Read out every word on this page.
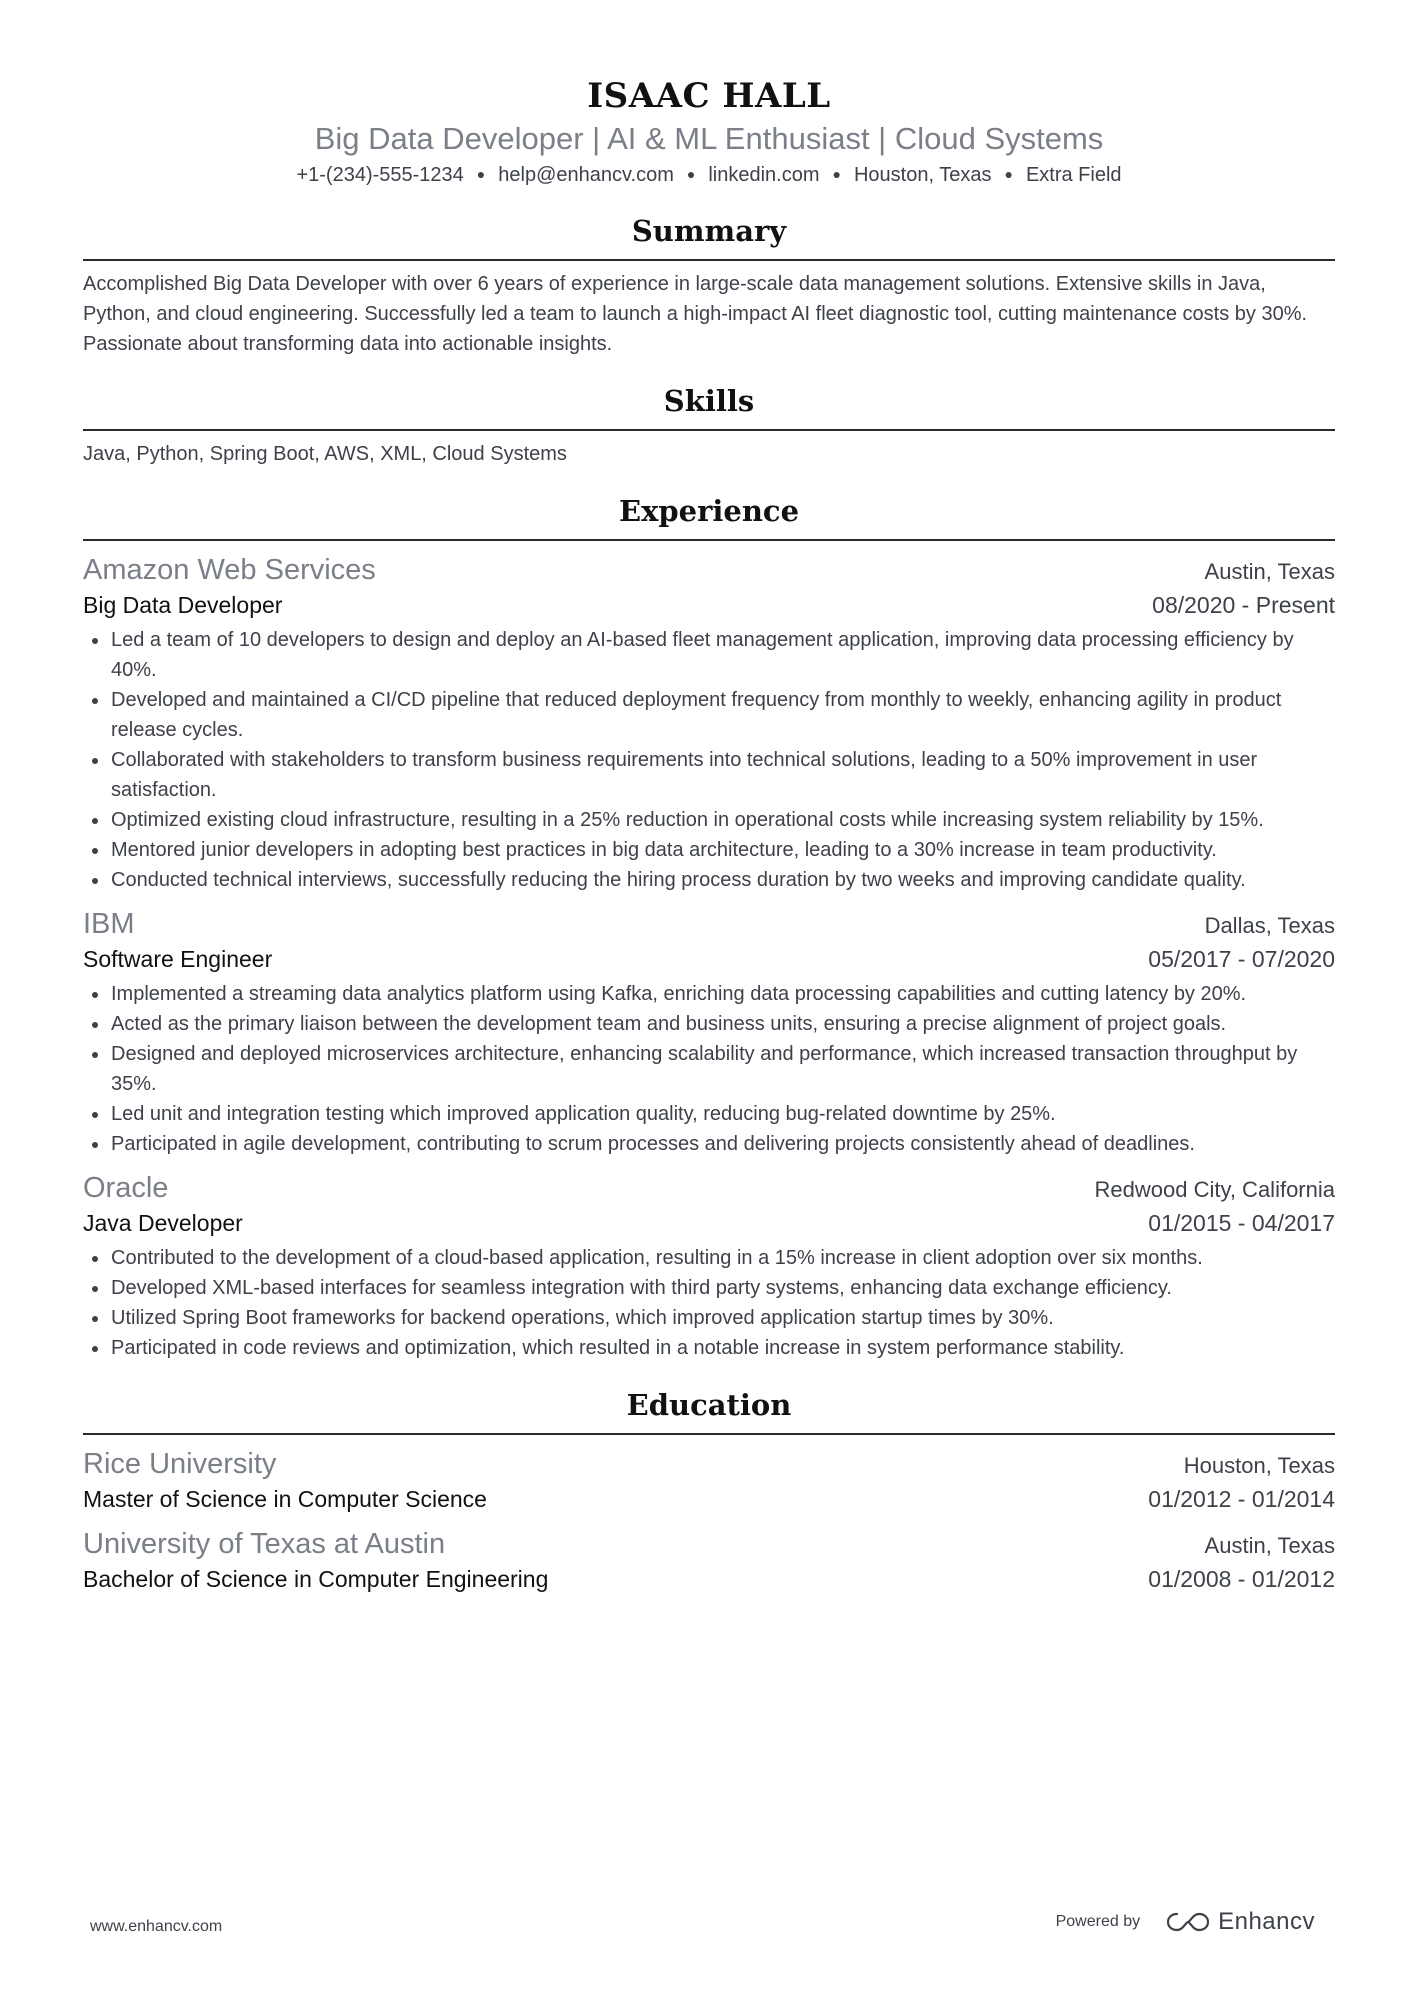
ISAAC HALL
Big Data Developer | AI & ML Enthusiast | Cloud Systems
+1-(234)-555-1234 ● help@enhancv.com ● linkedin.com ● Houston, Texas ● Extra Field
Summary
Accomplished Big Data Developer with over 6 years of experience in large-scale data management solutions. Extensive skills in Java, Python, and cloud engineering. Successfully led a team to launch a high-impact AI fleet diagnostic tool, cutting maintenance costs by 30%. Passionate about transforming data into actionable insights.
Skills
Java, Python, Spring Boot, AWS, XML, Cloud Systems
Experience
Amazon Web Services	Austin, Texas
Big Data Developer	08/2020 - Present
Led a team of 10 developers to design and deploy an AI-based fleet management application, improving data processing efficiency by 40%.
Developed and maintained a CI/CD pipeline that reduced deployment frequency from monthly to weekly, enhancing agility in product release cycles.
Collaborated with stakeholders to transform business requirements into technical solutions, leading to a 50% improvement in user satisfaction.
Optimized existing cloud infrastructure, resulting in a 25% reduction in operational costs while increasing system reliability by 15%.
Mentored junior developers in adopting best practices in big data architecture, leading to a 30% increase in team productivity.
Conducted technical interviews, successfully reducing the hiring process duration by two weeks and improving candidate quality.
IBM	Dallas, Texas
Software Engineer	05/2017 - 07/2020
Implemented a streaming data analytics platform using Kafka, enriching data processing capabilities and cutting latency by 20%.
Acted as the primary liaison between the development team and business units, ensuring a precise alignment of project goals.
Designed and deployed microservices architecture, enhancing scalability and performance, which increased transaction throughput by 35%.
Led unit and integration testing which improved application quality, reducing bug-related downtime by 25%.
Participated in agile development, contributing to scrum processes and delivering projects consistently ahead of deadlines.
Oracle	Redwood City, California
Java Developer	01/2015 - 04/2017
Contributed to the development of a cloud-based application, resulting in a 15% increase in client adoption over six months.
Developed XML-based interfaces for seamless integration with third party systems, enhancing data exchange efficiency.
Utilized Spring Boot frameworks for backend operations, which improved application startup times by 30%.
Participated in code reviews and optimization, which resulted in a notable increase in system performance stability.
Education
Rice University	Houston, Texas
Master of Science in Computer Science	01/2012 - 01/2014
University of Texas at Austin	Austin, Texas
Bachelor of Science in Computer Engineering	01/2008 - 01/2012
www.enhancv.com	Powered by	Enhancv
